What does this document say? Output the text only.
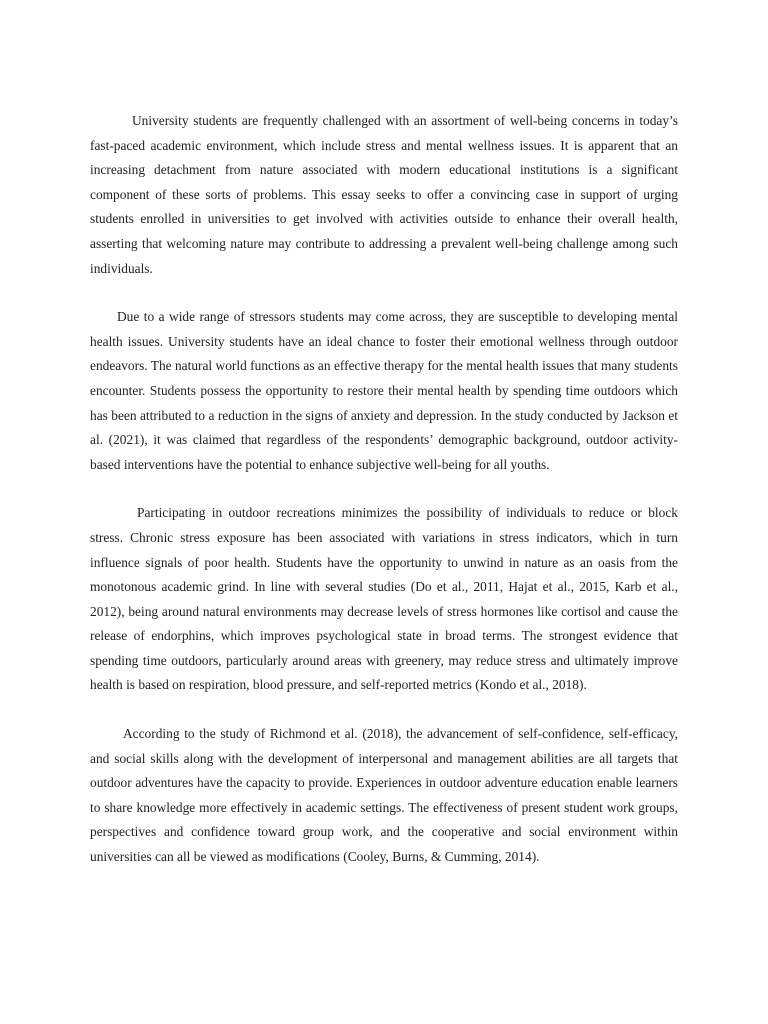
University students are frequently challenged with an assortment of well-being concerns in today’s fast-paced academic environment, which include stress and mental wellness issues. It is apparent that an increasing detachment from nature associated with modern educational institutions is a significant component of these sorts of problems. This essay seeks to offer a convincing case in support of urging students enrolled in universities to get involved with activities outside to enhance their overall health, asserting that welcoming nature may contribute to addressing a prevalent well-being challenge among such individuals.

Due to a wide range of stressors students may come across, they are susceptible to developing mental health issues. University students have an ideal chance to foster their emotional wellness through outdoor endeavors. The natural world functions as an effective therapy for the mental health issues that many students encounter. Students possess the opportunity to restore their mental health by spending time outdoors which has been attributed to a reduction in the signs of anxiety and depression. In the study conducted by Jackson et al. (2021), it was claimed that regardless of the respondents’ demographic background, outdoor activity-based interventions have the potential to enhance subjective well-being for all youths.

Participating in outdoor recreations minimizes the possibility of individuals to reduce or block stress. Chronic stress exposure has been associated with variations in stress indicators, which in turn influence signals of poor health. Students have the opportunity to unwind in nature as an oasis from the monotonous academic grind. In line with several studies (Do et al., 2011, Hajat et al., 2015, Karb et al., 2012), being around natural environments may decrease levels of stress hormones like cortisol and cause the release of endorphins, which improves psychological state in broad terms. The strongest evidence that spending time outdoors, particularly around areas with greenery, may reduce stress and ultimately improve health is based on respiration, blood pressure, and self-reported metrics (Kondo et al., 2018).

According to the study of Richmond et al. (2018), the advancement of self-confidence, self-efficacy, and social skills along with the development of interpersonal and management abilities are all targets that outdoor adventures have the capacity to provide. Experiences in outdoor adventure education enable learners to share knowledge more effectively in academic settings. The effectiveness of present student work groups, perspectives and confidence toward group work, and the cooperative and social environment within universities can all be viewed as modifications (Cooley, Burns, & Cumming, 2014).
